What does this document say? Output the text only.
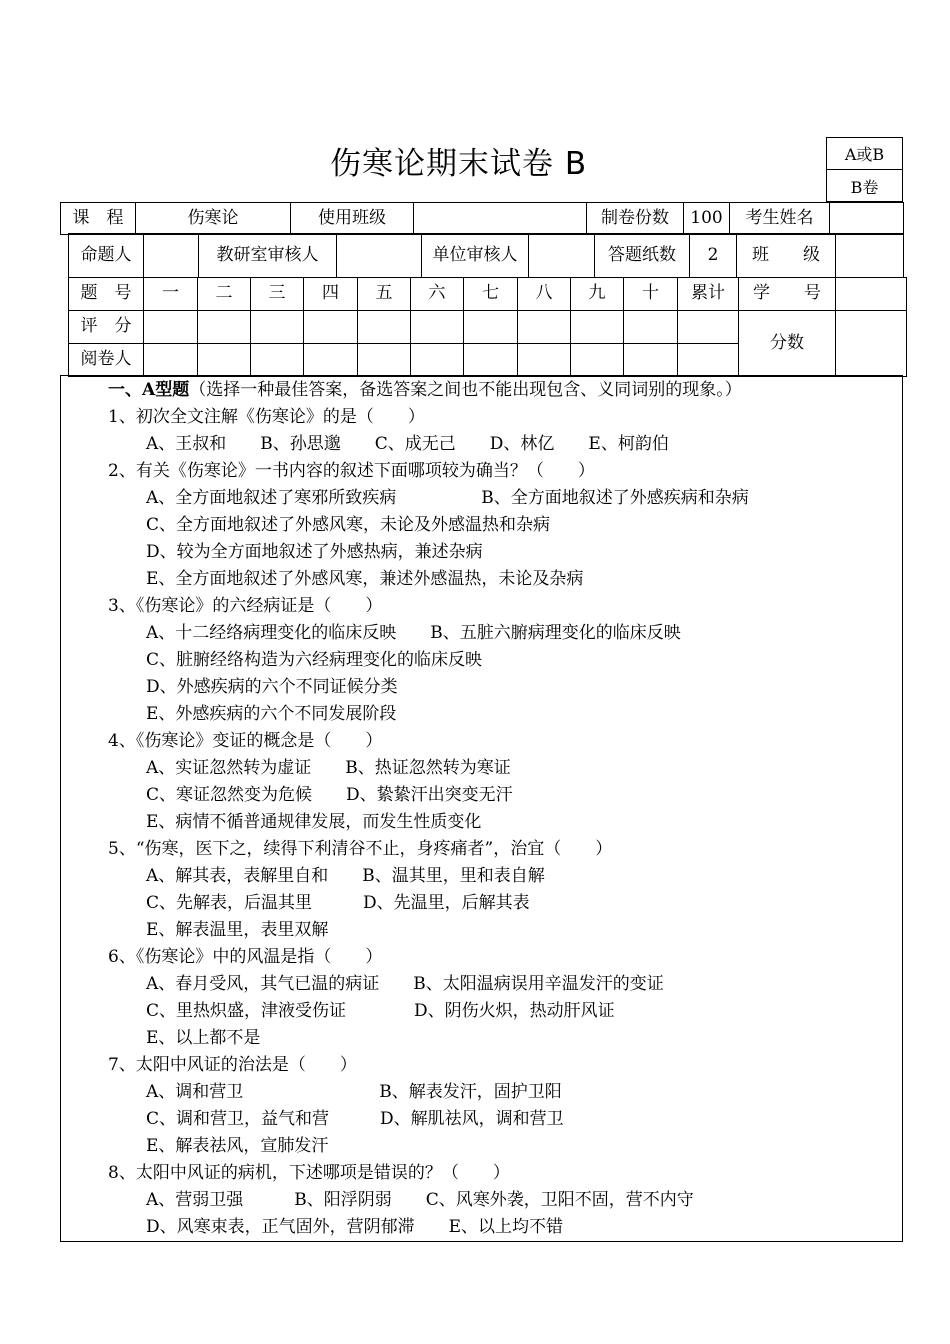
伤寒论期末试卷 B	A或B
B卷
课　程	伤寒论	使用班级		制卷份数	100	考生姓名	
命题人		教研室审核人		单位审核人		答题纸数	2	班　　级	
题　号	一	二	三	四	五	六	七	八	九	十	累计	学　　号	
评　分												分数	
阅卷人													
一、A型题（选择一种最佳答案，备选答案之间也不能出现包含、义同词别的现象。）
1、初次全文注解《伤寒论》的是（　　）
A、王叔和　　B、孙思邈　　C、成无己　　D、林亿　　E、柯韵伯
2、有关《伤寒论》一书内容的叙述下面哪项较为确当？（　　）
A、全方面地叙述了寒邪所致疾病　　　　　B、全方面地叙述了外感疾病和杂病
C、全方面地叙述了外感风寒，未论及外感温热和杂病
D、较为全方面地叙述了外感热病，兼述杂病
E、全方面地叙述了外感风寒，兼述外感温热，未论及杂病
3、《伤寒论》的六经病证是（　　）
A、十二经络病理变化的临床反映　　B、五脏六腑病理变化的临床反映
C、脏腑经络构造为六经病理变化的临床反映
D、外感疾病的六个不同证候分类
E、外感疾病的六个不同发展阶段
4、《伤寒论》变证的概念是（　　）
A、实证忽然转为虚证　　B、热证忽然转为寒证
C、寒证忽然变为危候　　D、絷絷汗出突变无汗
E、病情不循普通规律发展，而发生性质变化
5、“伤寒，医下之，续得下利清谷不止，身疼痛者”，治宜（　　）
A、解其表，表解里自和　　B、温其里，里和表自解
C、先解表，后温其里　　　D、先温里，后解其表
E、解表温里，表里双解
6、《伤寒论》中的风温是指（　　）
A、春月受风，其气已温的病证　　B、太阳温病误用辛温发汗的变证
C、里热炽盛，津液受伤证　　　　D、阴伤火炽，热动肝风证
E、以上都不是
7、太阳中风证的治法是（　　）
A、调和营卫　　　　　　　　B、解表发汗，固护卫阳
C、调和营卫，益气和营　　　D、解肌祛风，调和营卫
E、解表祛风，宣肺发汗
8、太阳中风证的病机，下述哪项是错误的？（　　）
A、营弱卫强　　　B、阳浮阴弱　　C、风寒外袭，卫阳不固，营不内守
D、风寒束表，正气固外，营阴郁滞　　E、以上均不错
